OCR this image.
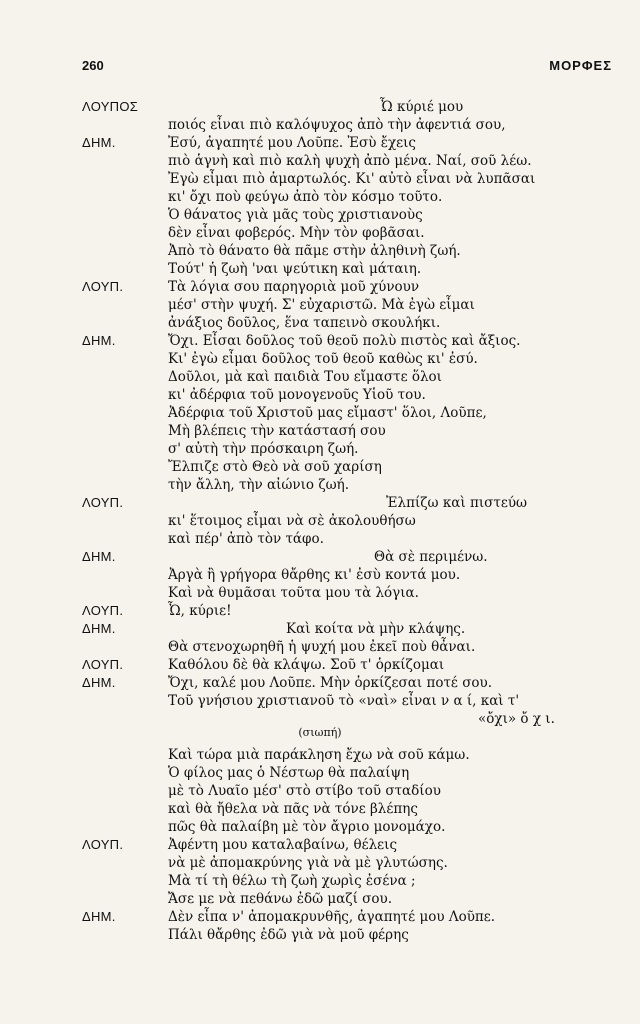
260	ΜΟΡΦΕΣ
ΛΟΥΠΟΣ	Ὦ κύριέ μου
ποιός εἶναι πιὸ καλόψυχος ἀπὸ τὴν ἀφεντιά σου,
ΔΗΜ.	Ἐσύ, ἀγαπητέ μου Λοῦπε. Ἐσὺ ἔχεις
πιὸ ἁγνὴ καὶ πιὸ καλὴ ψυχὴ ἀπὸ μένα. Ναί, σοῦ λέω.
Ἐγὼ εἶμαι πιὸ ἁμαρτωλός. Κι' αὐτὸ εἶναι νὰ λυπᾶσαι
κι' ὄχι ποὺ φεύγω ἀπὸ τὸν κόσμο τοῦτο.
Ὁ θάνατος γιὰ μᾶς τοὺς χριστιανοὺς
δὲν εἶναι φοβερός. Μὴν τὸν φοβᾶσαι.
Ἀπὸ τὸ θάνατο θὰ πᾶμε στὴν ἀληθινὴ ζωή.
Τούτ' ἡ ζωὴ 'ναι ψεύτικη καὶ μάταιη.
ΛΟΥΠ.	Τὰ λόγια σου παρηγοριὰ μοῦ χύνουν
μέσ' στὴν ψυχή. Σ' εὐχαριστῶ. Μὰ ἐγὼ εἶμαι
ἀνάξιος δοῦλος, ἕνα ταπεινὸ σκουλήκι.
ΔΗΜ.	Ὄχι. Εἶσαι δοῦλος τοῦ θεοῦ πολὺ πιστὸς καὶ ἄξιος.
Κι' ἐγὼ εἶμαι δοῦλος τοῦ θεοῦ καθὼς κι' ἐσύ.
Δοῦλοι, μὰ καὶ παιδιὰ Του εἴμαστε ὅλοι
κι' ἀδέρφια τοῦ μονογενοῦς Υἱοῦ του.
Ἀδέρφια τοῦ Χριστοῦ μας εἴμαστ' ὅλοι, Λοῦπε,
Μὴ βλέπεις τὴν κατάστασή σου
σ' αὐτὴ τὴν πρόσκαιρη ζωή.
Ἔλπιζε στὸ Θεὸ νὰ σοῦ χαρίση
τὴν ἄλλη, τὴν αἰώνιο ζωή.
ΛΟΥΠ.	Ἐλπίζω καὶ πιστεύω
κι' ἕτοιμος εἶμαι νὰ σὲ ἀκολουθήσω
καὶ πέρ' ἀπὸ τὸν τάφο.
ΔΗΜ.	Θὰ σὲ περιμένω.
Ἀργὰ ἢ γρήγορα θἄρθης κι' ἐσὺ κοντά μου.
Καὶ νὰ θυμᾶσαι τοῦτα μου τὰ λόγια.
ΛΟΥΠ.	Ὦ, κύριε!
ΔΗΜ.	Καὶ κοίτα νὰ μὴν κλάψης.
Θὰ στενοχωρηθῆ ἡ ψυχή μου ἐκεῖ ποὺ θἆναι.
ΛΟΥΠ.	Καθόλου δὲ θὰ κλάψω. Σοῦ τ' ὁρκίζομαι
ΔΗΜ.	Ὄχι, καλέ μου Λοῦπε. Μὴν ὁρκίζεσαι ποτέ σου.
Τοῦ γνήσιου χριστιανοῦ τὸ «ναὶ» εἶναι ν α ί, καὶ τ'
«ὄχι» ὄ χ ι.
Καὶ τώρα μιὰ παράκληση ἔχω νὰ σοῦ κάμω.
Ὁ φίλος μας ὁ Νέστωρ θὰ παλαίψη
μὲ τὸ Λυαῖο μέσ' στὸ στίβο τοῦ σταδίου
καὶ θὰ ἤθελα νὰ πᾶς νὰ τόνε βλέπης
πῶς θὰ παλαίβη μὲ τὸν ἄγριο μονομάχο.
ΛΟΥΠ.	Ἀφέντη μου καταλαβαίνω, θέλεις
νὰ μὲ ἀπομακρύνης γιὰ νὰ μὲ γλυτώσης.
Μὰ τί τὴ θέλω τὴ ζωὴ χωρὶς ἐσένα ;
Ἄσε με νὰ πεθάνω ἐδῶ μαζί σου.
ΔΗΜ.	Δὲν εἶπα ν' ἀπομακρυνθῆς, ἀγαπητέ μου Λοῦπε.
Πάλι θἄρθης ἐδῶ γιὰ νὰ μοῦ φέρης
(σιωπή)
